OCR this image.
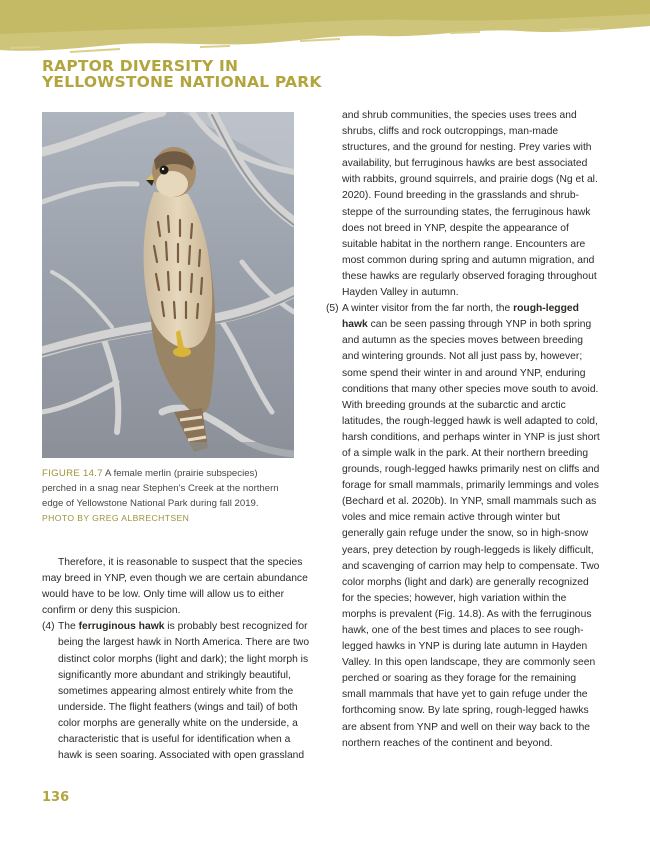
RAPTOR DIVERSITY IN
YELLOWSTONE NATIONAL PARK
FIGURE 14.7 A female merlin (prairie subspecies) perched in a snag near Stephen’s Creek at the northern edge of Yellowstone National Park during fall 2019.
PHOTO BY GREG ALBRECHTSEN

Therefore, it is reasonable to suspect that the species may breed in YNP, even though we are certain abundance would have to be low. Only time will allow us to either confirm or deny this suspicion.

(4) The ferruginous hawk is probably best recognized for being the largest hawk in North America. There are two distinct color morphs (light and dark); the light morph is significantly more abundant and strikingly beautiful, sometimes appearing almost entirely white from the underside. The flight feathers (wings and tail) of both color morphs are generally white on the underside, a characteristic that is useful for identification when a hawk is seen soaring. Associated with open grassland

and shrub communities, the species uses trees and shrubs, cliffs and rock outcroppings, man-made structures, and the ground for nesting. Prey varies with availability, but ferruginous hawks are best associated with rabbits, ground squirrels, and prairie dogs (Ng et al. 2020). Found breeding in the grasslands and shrub-steppe of the surrounding states, the ferruginous hawk does not breed in YNP, despite the appearance of suitable habitat in the northern range. Encounters are most common during spring and autumn migration, and these hawks are regularly observed foraging throughout Hayden Valley in autumn.

(5) A winter visitor from the far north, the rough-legged hawk can be seen passing through YNP in both spring and autumn as the species moves between breeding and wintering grounds. Not all just pass by, however; some spend their winter in and around YNP, enduring conditions that many other species move south to avoid. With breeding grounds at the subarctic and arctic latitudes, the rough-legged hawk is well adapted to cold, harsh conditions, and perhaps winter in YNP is just short of a simple walk in the park. At their northern breeding grounds, rough-legged hawks primarily nest on cliffs and forage for small mammals, primarily lemmings and voles (Bechard et al. 2020b). In YNP, small mammals such as voles and mice remain active through winter but generally gain refuge under the snow, so in high-snow years, prey detection by rough-leggeds is likely difficult, and scavenging of carrion may help to compensate. Two color morphs (light and dark) are generally recognized for the species; however, high variation within the morphs is prevalent (Fig. 14.8). As with the ferruginous hawk, one of the best times and places to see rough-legged hawks in YNP is during late autumn in Hayden Valley. In this open landscape, they are commonly seen perched or soaring as they forage for the remaining small mammals that have yet to gain refuge under the forthcoming snow. By late spring, rough-legged hawks are absent from YNP and well on their way back to the northern reaches of the continent and beyond.

136
